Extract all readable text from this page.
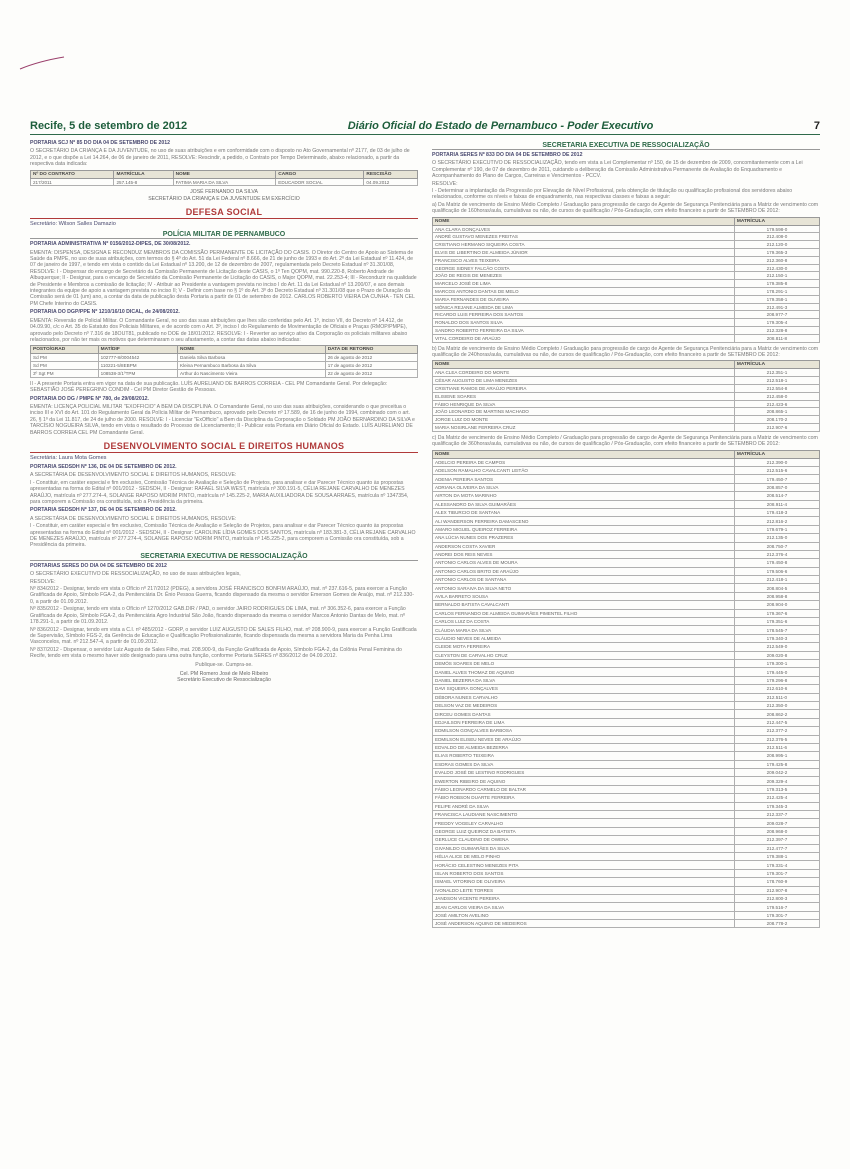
Recife, 5 de setembro de 2012	Diário Oficial do Estado de Pernambuco - Poder Executivo	7
PORTARIA SCJ Nº 85 DO DIA 04 DE SETEMBRO DE 2012
O SECRETÁRIO DA CRIANÇA E DA JUVENTUDE, no uso de suas atribuições e em conformidade com o disposto no Ato Governamental nº 2177, de 03 de julho de 2012, e o que dispõe a Lei 14.264, de 06 de janeiro de 2011, RESOLVE: Rescindir, a pedido, o Contrato por Tempo Determinado, abaixo relacionado, a partir da respectiva data indicada:
Nº DO CONTRATO	MATRÍCULA	NOME	CARGO	RESCISÃO
217/2011	257.145-8	FATIMA MARIA DA SILVA	EDUCADOR SOCIAL	04.09.2012
JOSÉ FERNANDO DA SILVA
SECRETÁRIO DA CRIANÇA E DA JUVENTUDE EM EXERCÍCIO
DEFESA SOCIAL
Secretário: Wilson Salles Damazio
POLÍCIA MILITAR DE PERNAMBUCO
PORTARIA ADMINISTRATIVA Nº 0156/2012-DIPES, DE 30/08/2012.
EMENTA: DISPENSA, DESIGNA E RECONDUZ MEMBROS DA COMISSÃO PERMANENTE DE LICITAÇÃO DO CASIS. O Diretor do Centro de Apoio ao Sistema de Saúde da PMPE, no uso de suas atribuições, com termos do § 4º do Art. 51 da Lei Federal nº 8.666, de 21 de junho de 1993 e do Art. 2º da Lei Estadual nº 11.424, de 07 de janeiro de 1997, e tendo em vista o contido da Lei Estadual nº 13.200, de 12 de dezembro de 2007, regulamentada pelo Decreto Estadual nº 31.301/08, RESOLVE: I - Dispensar do encargo de Secretário da Comissão Permanente de Licitação deste CASIS, o 1º Ten QOPM, mat. 990.220-8, Roberto Andrade de Albuquerque; II - Designar, para o encargo de Secretário da Comissão Permanente de Licitação do CASIS, o Major QOPM, mat. 22.253-4; III - Reconduzir na qualidade de Presidente e Membros a comissão de licitação; IV - Atribuir ao Presidente a vantagem prevista no inciso I do Art. 11 da Lei Estadual nº 13.200/07, e aos demais integrantes da equipe de apoio a vantagem prevista no inciso II; V - Definir com base no § 1º do Art. 3º do Decreto Estadual nº 31.301/08 que o Prazo de Duração da Comissão será de 01 (um) ano, a contar da data de publicação desta Portaria a partir de 01 de setembro de 2012. CARLOS ROBERTO VIEIRA DA CUNHA - TEN CEL PM Chefe Interino do CASIS.
PORTARIA DO DGP/PPE Nº 1210/16/10 DICAL, de 24/08/2012.
EMENTA: Reversão de Policial Militar. O Comandante Geral, no uso das suas atribuições que lhes são conferidas pelo Art. 1º, inciso VII, do Decreto nº 14.412, de 04.09.90, c/c o Art. 35 do Estatuto dos Policiais Militares, e de acordo com o Art. 3º, inciso I do Regulamento de Movimentação de Oficiais e Praças (RMOP/PMPE), aprovado pelo Decreto nº 7.316 de 18OUT81, publicado no DOE de 18/01/2012. RESOLVE: I - Reverter ao serviço ativo da Corporação os policiais militares abaixo relacionados, por não ter mais os motivos que determinaram o seu afastamento, a contar das datas abaixo indicadas:
POSTO/GRAD	MAT/DIF	NOME	DATA DE RETORNO
Sd PM	102777-8/0004542	Daniela Silva Barbosa	26 de agosto de 2012
Sd PM	110221-5/8EBPM	Kleina Pernambuco Barbosa da Silva	17 de agosto de 2012
3º Sgt PM	108538-3/1ºTPM	Arthur do Nascimento Vieira	22 de agosto de 2012
II - A presente Portaria entra em vigor na data de sua publicação. LUÍS AURELIANO DE BARROS CORREIA - CEL PM Comandante Geral. Por delegação: SEBASTIÃO JOSÉ PEREGRINO CONDIM - Cel PM Diretor Gestão de Pessoas.
PORTARIA DO DG / PMPE Nº 780, de 29/08/2012.
EMENTA: LICENÇA POLICIAL MILITAR "EXOFFICIO" A BEM DA DISCIPLINA. O Comandante Geral, no uso das suas atribuições, considerando o que preceitua o inciso III e XVI do Art. 101 do Regulamento Geral da Polícia Militar de Pernambuco, aprovado pelo Decreto nº 17.589, de 16 de junho de 1994, combinado com o art. 26, § 1º da Lei 11.817, de 24 de julho de 2000. RESOLVE: I - Licenciar "ExOfficio" a Bem da Disciplina da Corporação o Soldado PM JOÃO BERNARDINO DA SILVA e TARCÍSIO NOGUEIRA SILVA, tendo em vista o resultado do Processo de Licenciamento; II - Publicar esta Portaria em Diário Oficial do Estado. LUÍS AURELIANO DE BARROS CORREIA CEL PM Comandante Geral.
DESENVOLVIMENTO SOCIAL E DIREITOS HUMANOS
Secretária: Laura Mota Gomes
PORTARIA SEDSDH Nº 136, DE 04 DE SETEMBRO DE 2012.
A SECRETÁRIA DE DESENVOLVIMENTO SOCIAL E DIREITOS HUMANOS, RESOLVE:
I - Constituir, em caráter especial e fim exclusivo, Comissão Técnica de Avaliação e Seleção de Projetos, para analisar e dar Parecer Técnico quanto às propostas apresentadas na forma do Edital nº 001/2012 - SEDSDH, II - Designar: RAFAEL SILVA WEST, matrícula nº 300.191-5, CÉLIA REJANE CARVALHO DE MENEZES ARAÚJO, matrícula nº 277.274-4, SOLANGE RAPOSO MORIM PINTO, matrícula nº 145.225-2, MARIA AUXILIADORA DE SOUSA ARRAES, matrícula nº 1347354, para comporem a Comissão ora constituída, sob a Presidência da primeira.
PORTARIA SEDSDH Nº 137, DE 04 DE SETEMBRO DE 2012.
A SECRETÁRIA DE DESENVOLVIMENTO SOCIAL E DIREITOS HUMANOS, RESOLVE:
I - Constituir, em caráter especial e fim exclusivo, Comissão Técnica de Avaliação e Seleção de Projetos, para analisar e dar Parecer Técnico quanto às propostas apresentadas na forma do Edital nº 001/2012 - SEDSDH, II - Designar: CAROLINE LÍDIA GOMES DOS SANTOS, matrícula nº 183.381-3, CÉLIA REJANE CARVALHO DE MENEZES ARAÚJO, matrícula nº 277.274-4, SOLANGE RAPOSO MORIM PINTO, matrícula nº 145.225-2, para comporem a Comissão ora constituída, sob a Presidência da primeira.
SECRETARIA EXECUTIVA DE RESSOCIALIZAÇÃO
PORTARIAS SERES DO DIA 04 DE SETEMBRO DE 2012
O SECRETÁRIO EXECUTIVO DE RESSOCIALIZAÇÃO, no uso de suas atribuições legais,
RESOLVE:
Nº 834/2012 - Designar, tendo em vista o Ofício nº 217/2012 (PDEG), a servidora JOSÉ FRANCISCO BONFIM ARAÚJO, mat. nº 237.616-5, para exercer a Função Gratificada de Apoio, Símbolo FGA-2, da Penitenciária Dr. Ênio Pessoa Guerra, ficando dispensado da mesma o servidor Emerson Gomes de Araújo, mat. nº 212.330-0, a partir de 01.09.2012.
Nº 835/2012 - Designar, tendo em vista o Ofício nº 1270/2012 GAB.DIR / PAD, o servidor JAIRO RODRIGUES DE LIMA, mat. nº 306.352-6, para exercer a Função Gratificada de Apoio, Símbolo FGA-2, da Penitenciária Agro Industrial São João, ficando dispensado da mesma o servidor Marcos Antonio Dantas de Melo, mat. nº 178.291-1, a partir de 01.09.2012.
Nº 836/2012 - Designar, tendo em vista a C.I. nº 485/2012 - GDRP, o servidor LUIZ AUGUSTO DE SALES FILHO, mat. nº 208.900-9, para exercer a Função Gratificada de Supervisão, Símbolo FGS-2, da Gerência de Educação e Qualificação Profissionalizante, ficando dispensada da mesma a servidora Maria da Penha Lima Vasconcelos, mat. nº 212.547-4, a partir de 01.09.2012.
Nº 837/2012 - Dispensar, o servidor Luiz Augusto de Sales Filho, mat. 208.900-9, da Função Gratificada de Apoio, Símbolo FGA-2, da Colônia Penal Feminina do Recife, tendo em vista o mesmo haver sido designado para uma outra função, conforme Portaria SERES nº 836/2012 de 04.09.2012.
Publique-se. Cumpra-se.
Cel. PM Romero José de Melo Ribeiro
Secretário Executivo de Ressocialização
SECRETARIA EXECUTIVA DE RESSOCIALIZAÇÃO
PORTARIA SERES Nº 833 DO DIA 04 DE SETEMBRO DE 2012
O SECRETÁRIO EXECUTIVO DE RESSOCIALIZAÇÃO, tendo em vista a Lei Complementar nº 150, de 15 de dezembro de 2009, concomitantemente com a Lei Complementar nº 190, de 07 de dezembro de 2011, cuidando a deliberação da Comissão Administrativa Permanente de Avaliação do Enquadramento e Acompanhamento do Plano de Cargos, Carreiras e Vencimentos - PCCV.
RESOLVE:
I - Determinar a implantação da Progressão por Elevação de Nível Profissional, pela obtenção de titulação ou qualificação profissional dos servidores abaixo relacionados, conforme os níveis e faixas de enquadramento, nas respectivas classes e faixas a seguir:
a) Da Matriz de vencimento de Ensino Médio Completo / Graduação para progressão de cargo de Agente de Segurança Penitenciária para a Matriz de vencimento com qualificação de 160horas/aula, cumulativas ou não, de cursos de qualificação / Pós-Graduação, com efeito financeiro a partir de SETEMBRO DE 2012:
NOME	MATRÍCULA
ANA CLARA GONÇALVES	179.598-0
ANDRÉ GUSTAVO MENEZES FREITAS	212.408-0
CRISTIANO HERMANO SIQUEIRA COSTA	212.120-0
ELVIS DE LIBERTINO DE ALMEIDA JÚNIOR	179.365-3
FRANCISCO ALVES TEIXEIRA	212.360-8
GEORGE SIDNEY FALCÃO COSTA	212.430-0
JOÃO DE REGIS DE MENEZES	212.150-1
MARCELO JOSÉ DE LIMA	179.385-8
MARCOS ANTONIO DANTAS DE MELO	178.291-1
MARIA FERNANDES DE OLIVEIRA	179.358-1
MÔNICA REJANE ALMEIDA DE LIMA	212.491-3
RICARDO LUIS FERREIRA DOS SANTOS	208.977-7
RONALDO DOS SANTOS SILVA	179.305-4
SANDRO ROBERTO FERREIRA DA SILVA	212.328-8
VITAL CORDEIRO DE ARAÚJO	208.811-8
b) Da Matriz de vencimento de Ensino Médio Completo / Graduação para progressão de cargo de Agente de Segurança Penitenciária para a Matriz de vencimento com qualificação de 240horas/aula, cumulativas ou não, de cursos de qualificação / Pós-Graduação, com efeito financeiro a partir de SETEMBRO DE 2012:
NOME	MATRÍCULA
ANA CLEA CORDEIRO DO MONTE	212.351-1
CÉSAR AUGUSTO DE LIMA MENEZES	212.518-1
CRISTIANE RAMOS DE ARAÚJO PEREIRA	212.554-8
ELISIENE SOARES	212.458-0
FÁBIO HENRIQUE DA SILVA	212.423-6
JOÃO LEONARDO DE MARTINS MACHADO	208.865-1
JORGE LUIZ DO MONTE	208.170-2
MARIA NOSIRLANE FERREIRA CRUZ	212.907-6
c) Da Matriz de vencimento de Ensino Médio Completo / Graduação para progressão de cargo de Agente de Segurança Penitenciária para a Matriz de vencimento com qualificação de 360horas/aula, cumulativas ou não, de cursos de qualificação / Pós-Graduação, com efeito financeiro a partir de SETEMBRO DE 2012:
NOME	MATRÍCULA
ADELCIO PEREIRA DE CAMPOS	212.390-0
ADELSON RAMALHO CAVALCANTI LEITÃO	212.515-6
ADENIA PEREIRA SANTOS	179.450-7
ADRIANA OLIVEIRA DA SILVA	208.857-0
AIRTON DA MOTA MARINHO	208.514-7
ALESSANDRO DA SILVA GUIMARÃES	208.911-4
ALEX TIBURCIO DE SANTANA	179.418-3
ALI WANDERSON FERREIRA DAMASCENO	212.816-2
AMARO MIGUEL QUEIROZ FERREIRA	179.679-1
ANA LÚCIA NUNES DOS PRAZERES	212.135-0
ANDERSON COSTA XAVIER	208.750-7
ANDREI DOS REIS NEVES	212.376-4
ANTONIO CARLOS ALVES DE MOURA	179.450-8
ANTONIO CARLOS BRITO DE ARAÚJO	179.506-6
ANTONIO CARLOS DE SANTANA	212.418-1
ANTONIO SARAIVA DA SILVA NETO	208.804-5
AVILA BARRETO SOUSA	208.958-8
BERNALDO BATISTA CAVALCANTI	208.904-0
CARLOS FERNANDO DE ALMEIDA GUIMARÃES PIMENTEL FILHO	179.367-6
CARLOS LUIZ DA COSTA	179.351-6
CLÁUDIA MARIA DA SILVA	178.545-7
CLÁUDIO NEVES DE ALMEIDA	179.340-3
CLEIDE MOTA FERREIRA	212.549-0
CLEYSTON DE CARVALHO CRUZ	209.020-8
DEMÓS SOARES DE MELO	179.300-1
DANIEL ALVES THOMAZ DE AQUINO	179.445-0
DANIEL BEZERRA DA SILVA	179.296-8
DAVI SIQUEIRA GONÇALVES	212.610-6
DÉBORA NUNES CARVALHO	212.511-0
DELSON VAZ DE MEDEIROS	212.350-0
DIRCEU GOMES DANTAS	208.862-2
EDJAILSON FERREIRA DE LIMA	212.447-5
EDMILSON GONÇALVES BARBOSA	212.377-2
EDMILSON ELISEU NEVES DE ARAÚJO	212.376-5
EDVALDO DE ALMEIDA BEZERRA	212.511-6
ELIAS ROBERTO TEIXEIRA	208.995-1
ESDRAS GOMES DA SILVA	179.425-8
EVALDO JOSÉ DE LESTINO RODRIGUES	209.042-2
EWERTON RIBEIRO DE AQUINO	209.329-4
FÁBIO LEONARDO CARMELO DE BALTAR	179.313-5
FÁBIO ROBSON DUARTE FERREIRA	212.425-4
FELIPE ANDRÉ DA SILVA	179.345-3
FRANCISCA LAUDIANE NASCIMENTO	212.337-7
FREDDY VOGELEY CARVALHO	209.028-7
GEORGE LUIZ QUEIROZ DA BATISTA	208.968-0
GERLUCE CLAUDINO DE OWENA	212.397-7
GIVANILDO GUIMARÃES DA SILVA	212.477-7
HÉLIA ALICE DE MELO PINHO	179.388-1
HORÁCIO CELESTINO MENEZES PITA	179.331-4
ISLAN ROBERTO DOS SANTOS	179.301-7
ISMAEL VITORINO DE OLIVEIRA	178.760-9
IVONALDO LEITE TORRES	212.907-8
JANDSON VICENTE PEREIRA	212.800-3
JEAN CARLOS VIEIRA DA SILVA	179.516-7
JOSÉ AMILTON AVELINO	179.301-7
JOSÉ ANDERSON AQUINO DE MEDEIROS	208.778-2
